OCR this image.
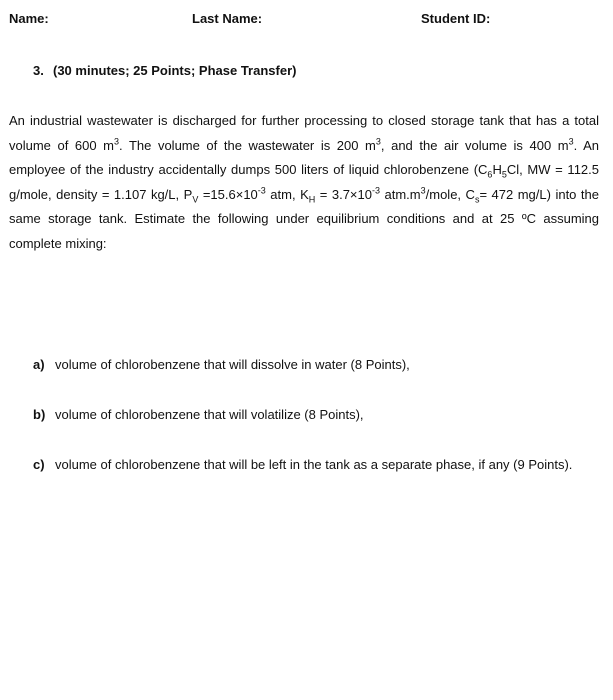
Name:	Last Name:	Student ID:
3. (30 minutes; 25 Points; Phase Transfer)
An industrial wastewater is discharged for further processing to closed storage tank that has a total volume of 600 $m^3$. The volume of the wastewater is 200 $m^3$, and the air volume is 400 $m^3$. An employee of the industry accidentally dumps 500 liters of liquid chlorobenzene ($C_6H_5Cl$, MW = 112.5 g/mole, density = 1.107 kg/L, $P_V =15.6\times 10^{-3}$ atm, $K_H = 3.7\times 10^{-3}$ $atm.m^3$/mole, $C_s= 472$ mg/L) into the same storage tank. Estimate the following under equilibrium conditions and at 25 ºC assuming complete mixing:
a) volume of chlorobenzene that will dissolve in water (8 Points),
b) volume of chlorobenzene that will volatilize (8 Points),
c) volume of chlorobenzene that will be left in the tank as a separate phase, if any (9 Points).
